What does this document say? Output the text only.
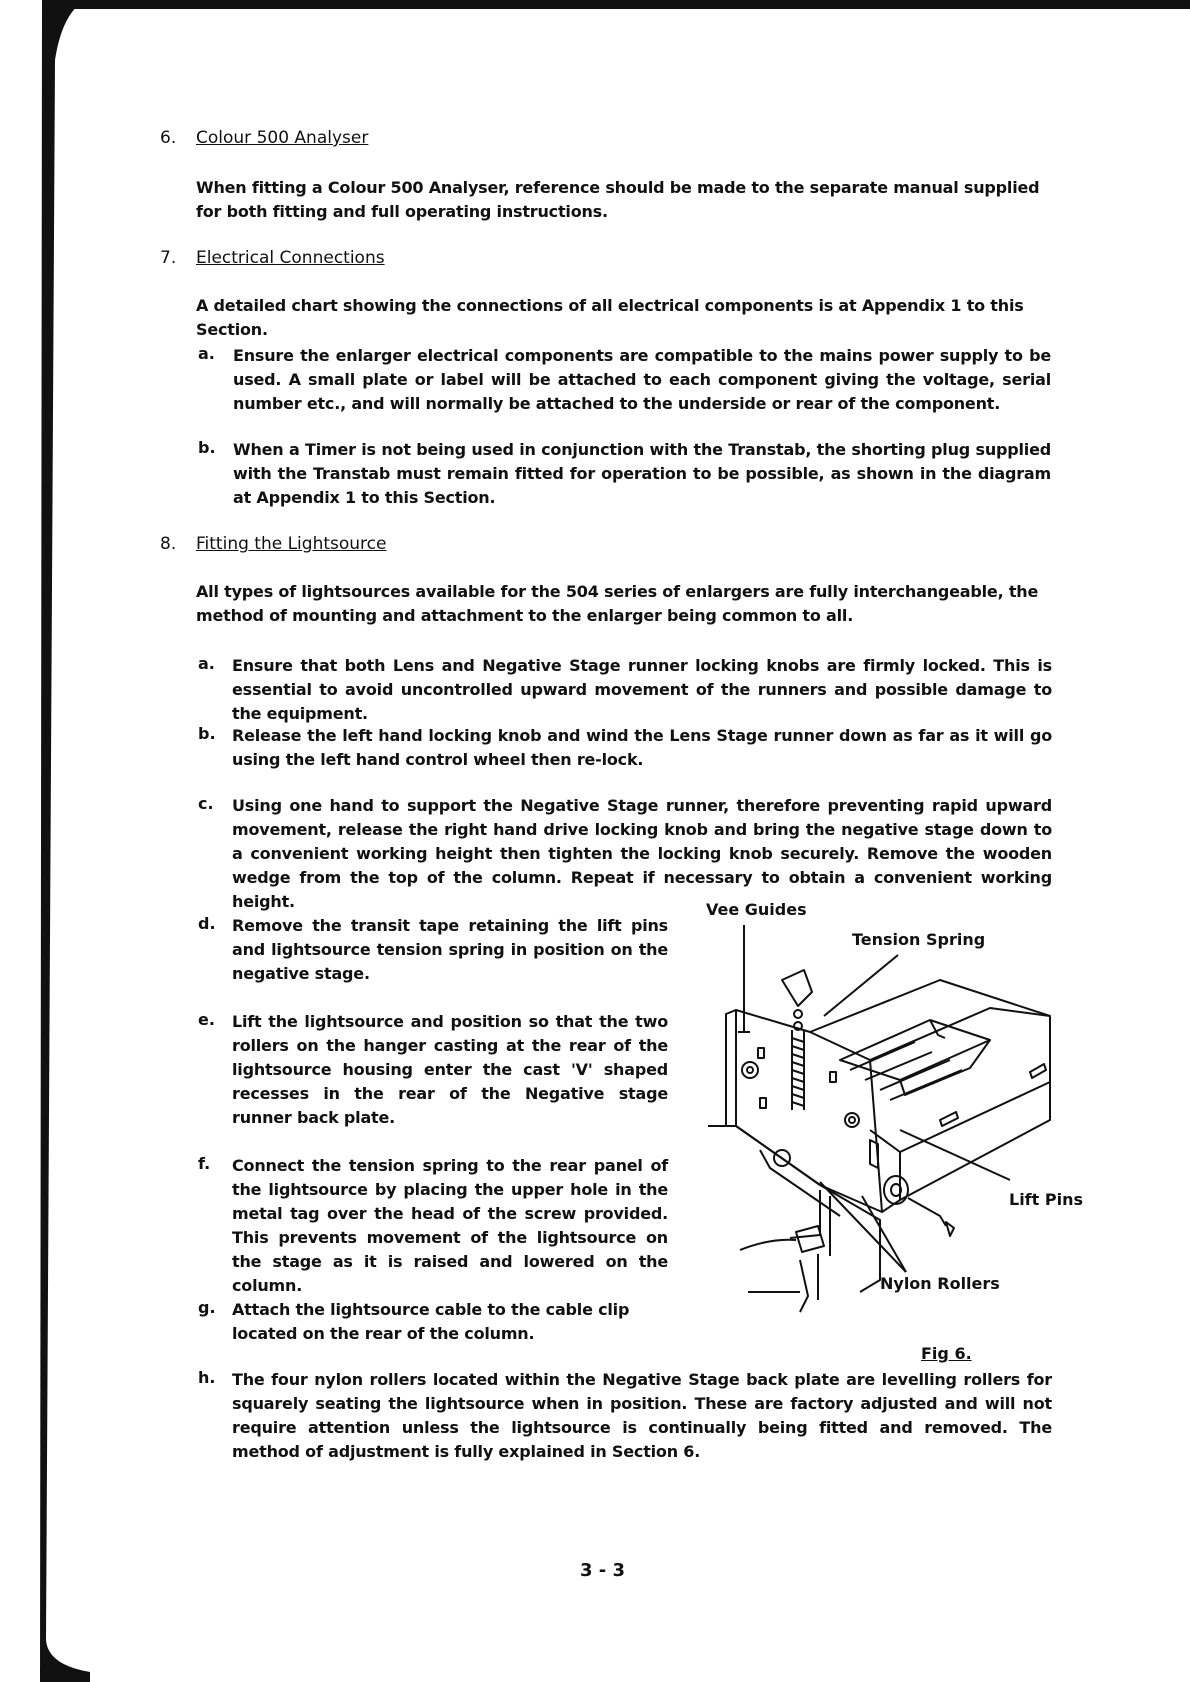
6. Colour 500 Analyser

When fitting a Colour 500 Analyser, reference should be made to the separate manual supplied for both fitting and full operating instructions.

7. Electrical Connections

A detailed chart showing the connections of all electrical components is at Appendix 1 to this Section.

a. Ensure the enlarger electrical components are compatible to the mains power supply to be used. A small plate or label will be attached to each component giving the voltage, serial number etc., and will normally be attached to the underside or rear of the component.

b. When a Timer is not being used in conjunction with the Transtab, the shorting plug supplied with the Transtab must remain fitted for operation to be possible, as shown in the diagram at Appendix 1 to this Section.

8. Fitting the Lightsource

All types of lightsources available for the 504 series of enlargers are fully interchangeable, the method of mounting and attachment to the enlarger being common to all.

a. Ensure that both Lens and Negative Stage runner locking knobs are firmly locked. This is essential to avoid uncontrolled upward movement of the runners and possible damage to the equipment.

b. Release the left hand locking knob and wind the Lens Stage runner down as far as it will go using the left hand control wheel then re-lock.

c. Using one hand to support the Negative Stage runner, therefore preventing rapid upward movement, release the right hand drive locking knob and bring the negative stage down to a convenient working height then tighten the locking knob securely. Remove the wooden wedge from the top of the column. Repeat if necessary to obtain a convenient working height.

d. Remove the transit tape retaining the lift pins and lightsource tension spring in position on the negative stage.

e. Lift the lightsource and position so that the two rollers on the hanger casting at the rear of the lightsource housing enter the cast 'V' shaped recesses in the rear of the Negative stage runner back plate.

f. Connect the tension spring to the rear panel of the lightsource by placing the upper hole in the metal tag over the head of the screw provided. This prevents movement of the lightsource on the stage as it is raised and lowered on the column.

g. Attach the lightsource cable to the cable clip located on the rear of the column.

h. The four nylon rollers located within the Negative Stage back plate are levelling rollers for squarely seating the lightsource when in position. These are factory adjusted and will not require attention unless the lightsource is continually being fitted and removed. The method of adjustment is fully explained in Section 6.

Vee Guides
Tension Spring
Lift Pins
Nylon Rollers
Fig 6.
3 - 3
